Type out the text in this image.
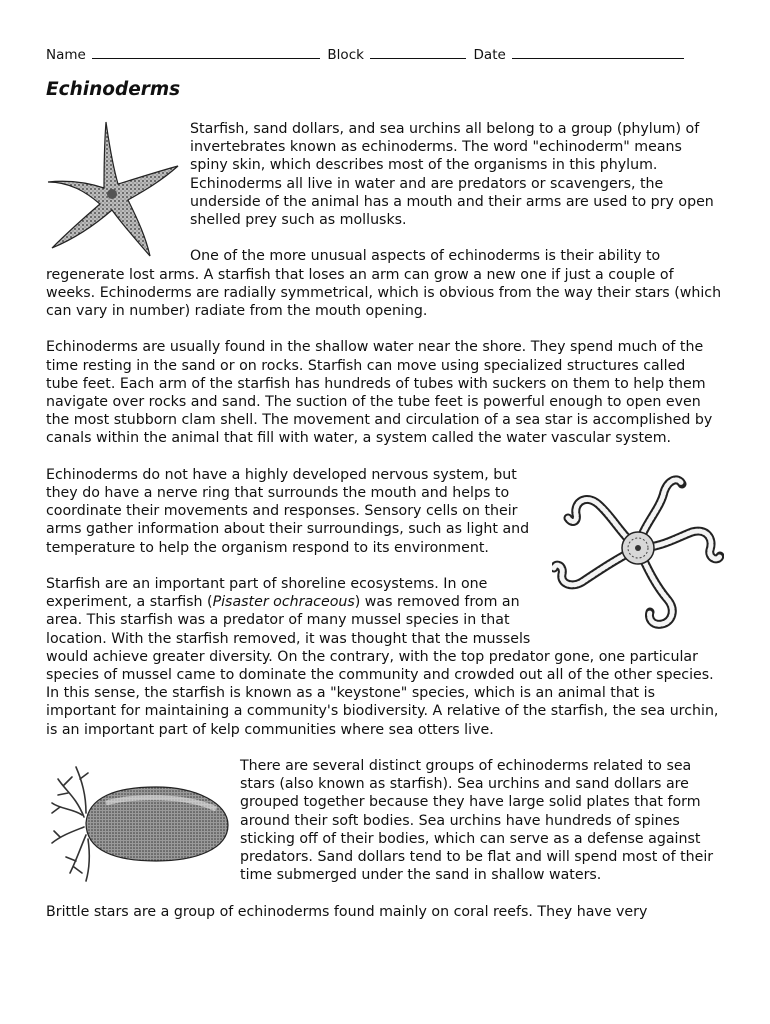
Name	Block	Date
Echinoderms

Starfish, sand dollars, and sea urchins all belong to a group (phylum) of invertebrates known as echinoderms. The word "echinoderm" means spiny skin, which describes most of the organisms in this phylum. Echinoderms all live in water and are predators or scavengers, the underside of the animal has a mouth and their arms are used to pry open shelled prey such as mollusks.

One of the more unusual aspects of echinoderms is their ability to regenerate lost arms. A starfish that loses an arm can grow a new one if just a couple of weeks. Echinoderms are radially symmetrical, which is obvious from the way their stars (which can vary in number) radiate from the mouth opening.

Echinoderms are usually found in the shallow water near the shore. They spend much of the time resting in the sand or on rocks. Starfish can move using specialized structures called tube feet. Each arm of the starfish has hundreds of tubes with suckers on them to help them navigate over rocks and sand. The suction of the tube feet is powerful enough to open even the most stubborn clam shell. The movement and circulation of a sea star is accomplished by canals within the animal that fill with water, a system called the water vascular system.

Echinoderms do not have a highly developed nervous system, but they do have a nerve ring that surrounds the mouth and helps to coordinate their movements and responses. Sensory cells on their arms gather information about their surroundings, such as light and temperature to help the organism respond to its environment.

Starfish are an important part of shoreline ecosystems. In one experiment, a starfish (Pisaster ochraceous) was removed from an area. This starfish was a predator of many mussel species in that location. With the starfish removed, it was thought that the mussels would achieve greater diversity. On the contrary, with the top predator gone, one particular species of mussel came to dominate the community and crowded out all of the other species. In this sense, the starfish is known as a "keystone" species, which is an animal that is important for maintaining a community's biodiversity. A relative of the starfish, the sea urchin, is an important part of kelp communities where sea otters live.

There are several distinct groups of echinoderms related to sea stars (also known as starfish). Sea urchins and sand dollars are grouped together because they have large solid plates that form around their soft bodies. Sea urchins have hundreds of spines sticking off of their bodies, which can serve as a defense against predators. Sand dollars tend to be flat and will spend most of their time submerged under the sand in shallow waters.

Brittle stars are a group of echinoderms found mainly on coral reefs. They have very
